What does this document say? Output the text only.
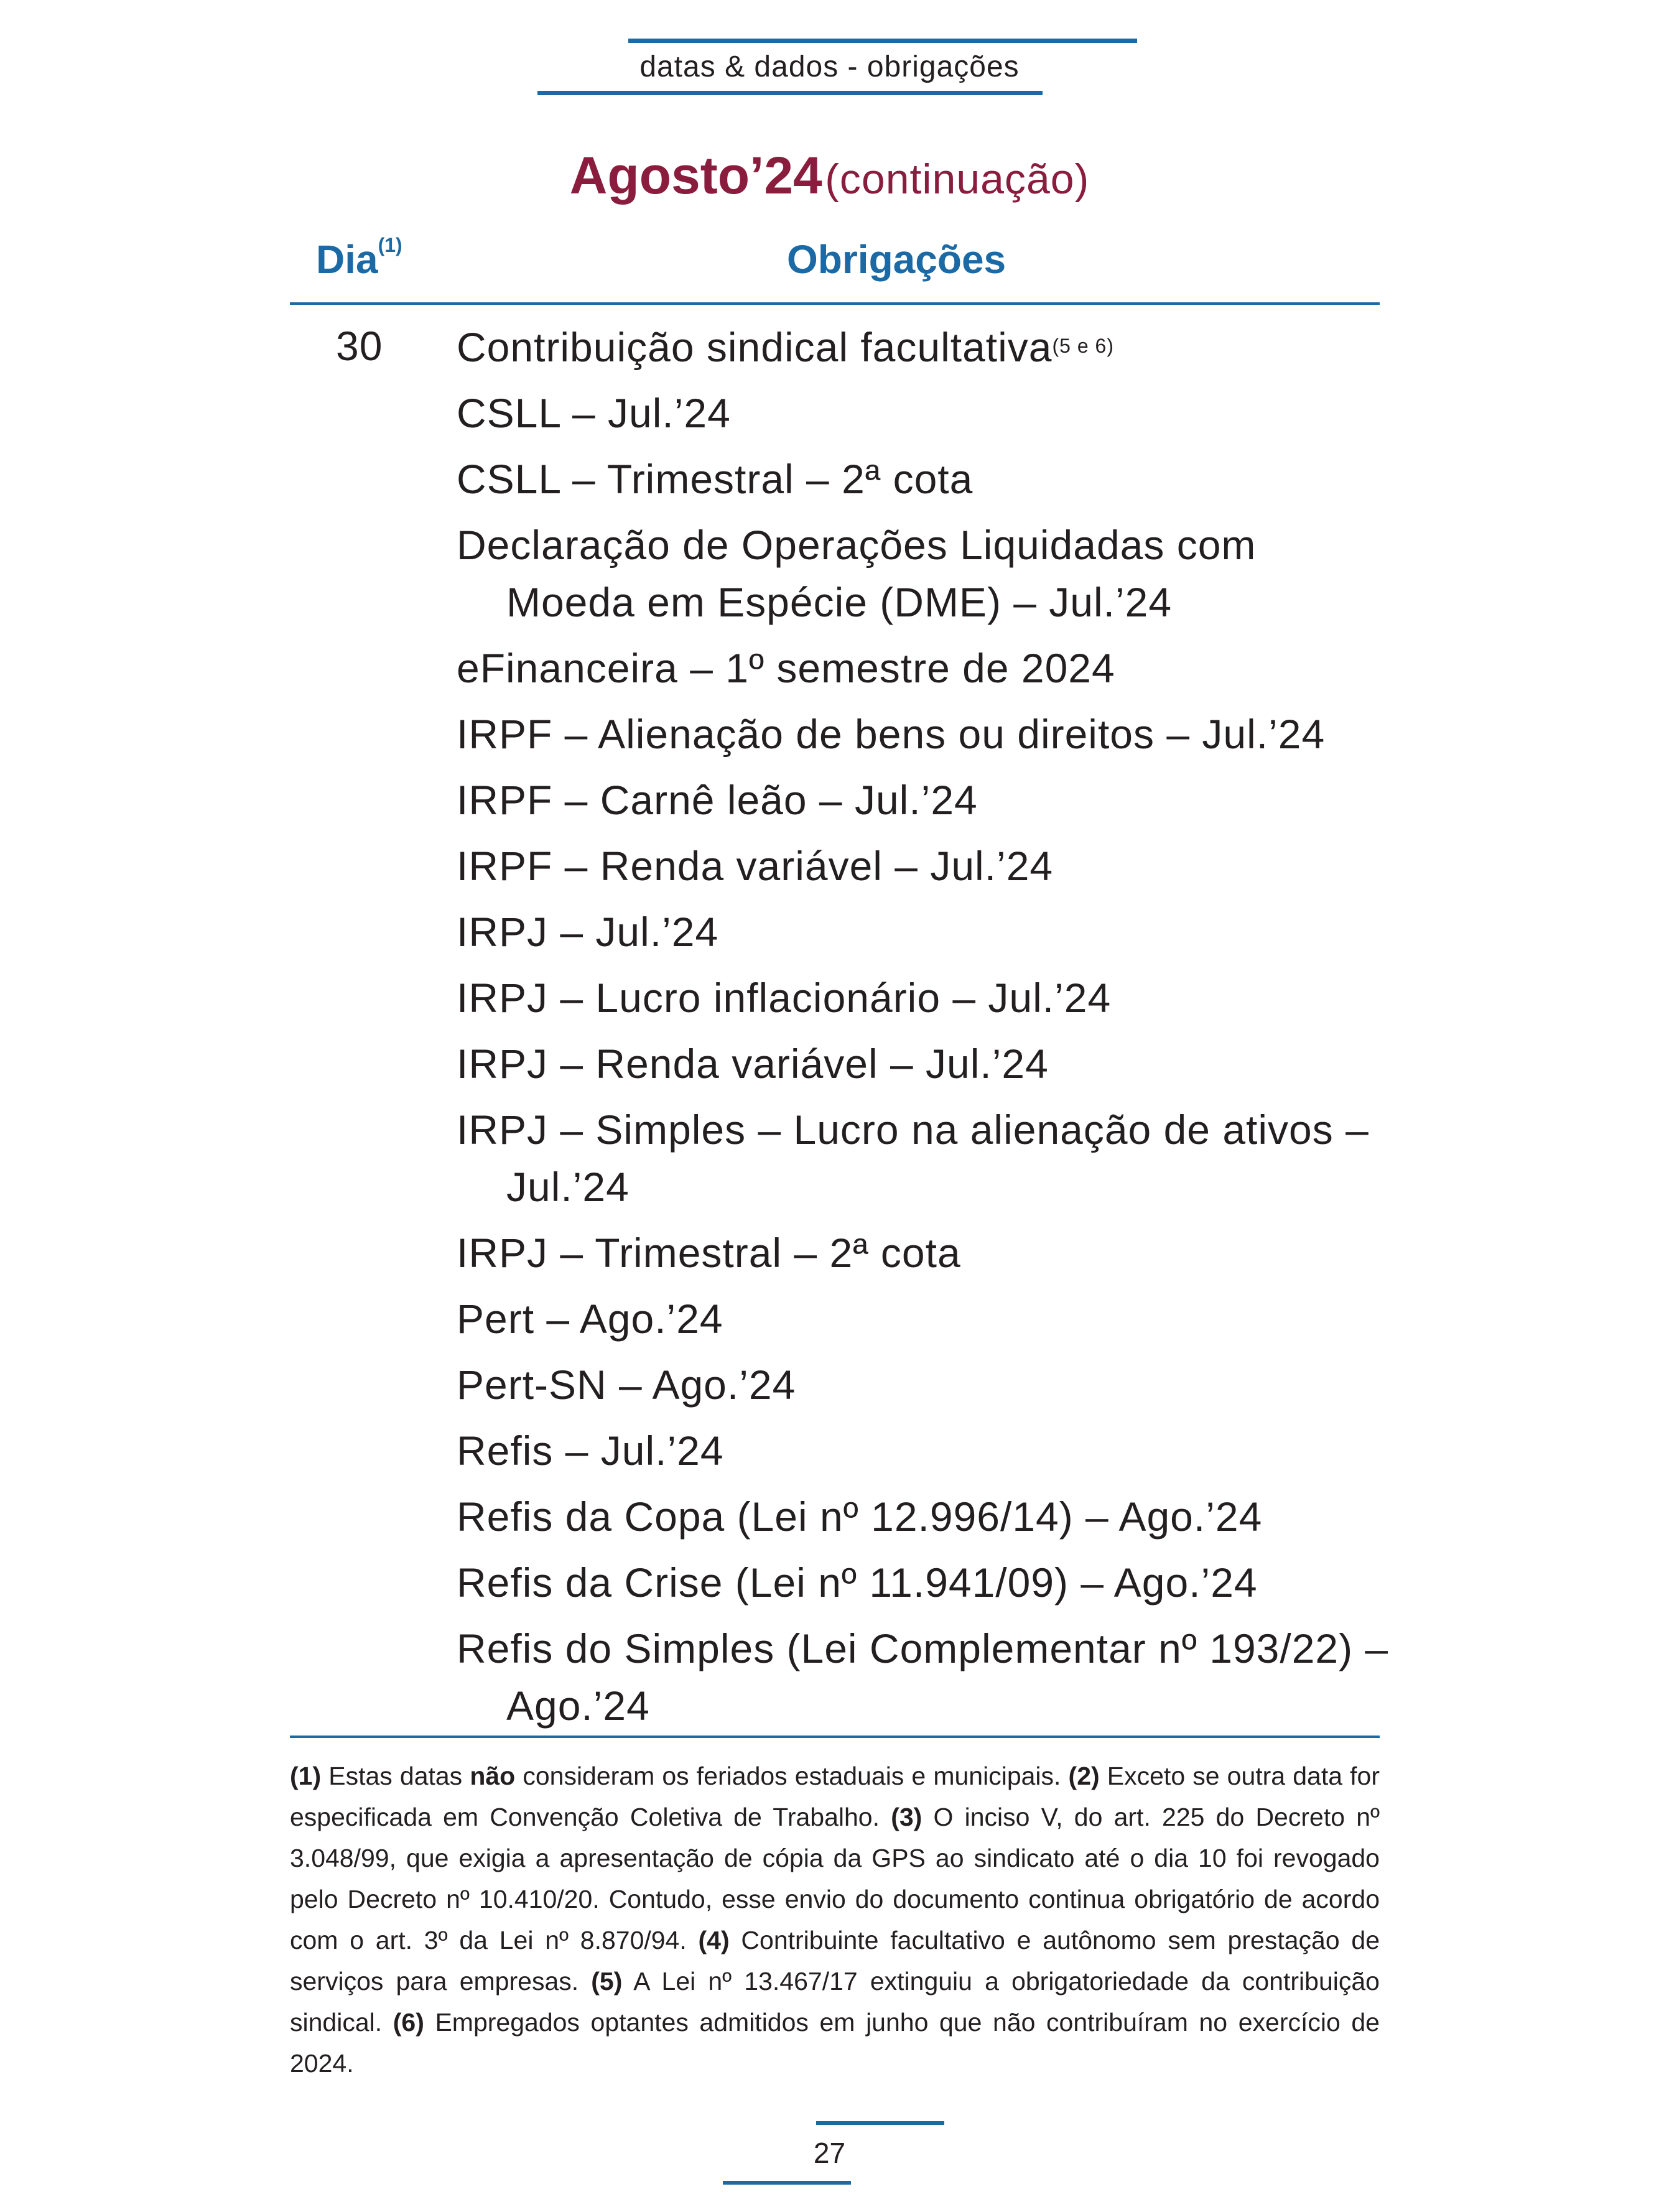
datas & dados - obrigações
Agosto’24 (continuação)
Dia$^{(1)}$	Obrigações
30 Contribuição sindical facultativa$^{(5 e 6)}$
CSLL – Jul.’24
CSLL – Trimestral – 2ª cota
Declaração de Operações Liquidadas com Moeda em Espécie (DME) – Jul.’24
eFinanceira – 1º semestre de 2024
IRPF – Alienação de bens ou direitos – Jul.’24
IRPF – Carnê leão – Jul.’24
IRPF – Renda variável – Jul.’24
IRPJ – Jul.’24
IRPJ – Lucro inflacionário – Jul.’24
IRPJ – Renda variável – Jul.’24
IRPJ – Simples – Lucro na alienação de ativos – Jul.’24
IRPJ – Trimestral – 2ª cota
Pert – Ago.’24
Pert-SN – Ago.’24
Refis – Jul.’24
Refis da Copa (Lei nº 12.996/14) – Ago.’24
Refis da Crise (Lei nº 11.941/09) – Ago.’24
Refis do Simples (Lei Complementar nº 193/22) – Ago.’24

(1) Estas datas não consideram os feriados estaduais e municipais. (2) Exceto se outra data for especificada em Convenção Coletiva de Trabalho. (3) O inciso V, do art. 225 do Decreto nº 3.048/99, que exigia a apresentação de cópia da GPS ao sindicato até o dia 10 foi revogado pelo Decreto nº 10.410/20. Contudo, esse envio do documento continua obrigatório de acordo com o art. 3º da Lei nº 8.870/94. (4) Contribuinte facultativo e autônomo sem prestação de serviços para empresas. (5) A Lei nº 13.467/17 extinguiu a obrigatoriedade da contribuição sindical. (6) Empregados optantes admitidos em junho que não contribuíram no exercício de 2024.

27
